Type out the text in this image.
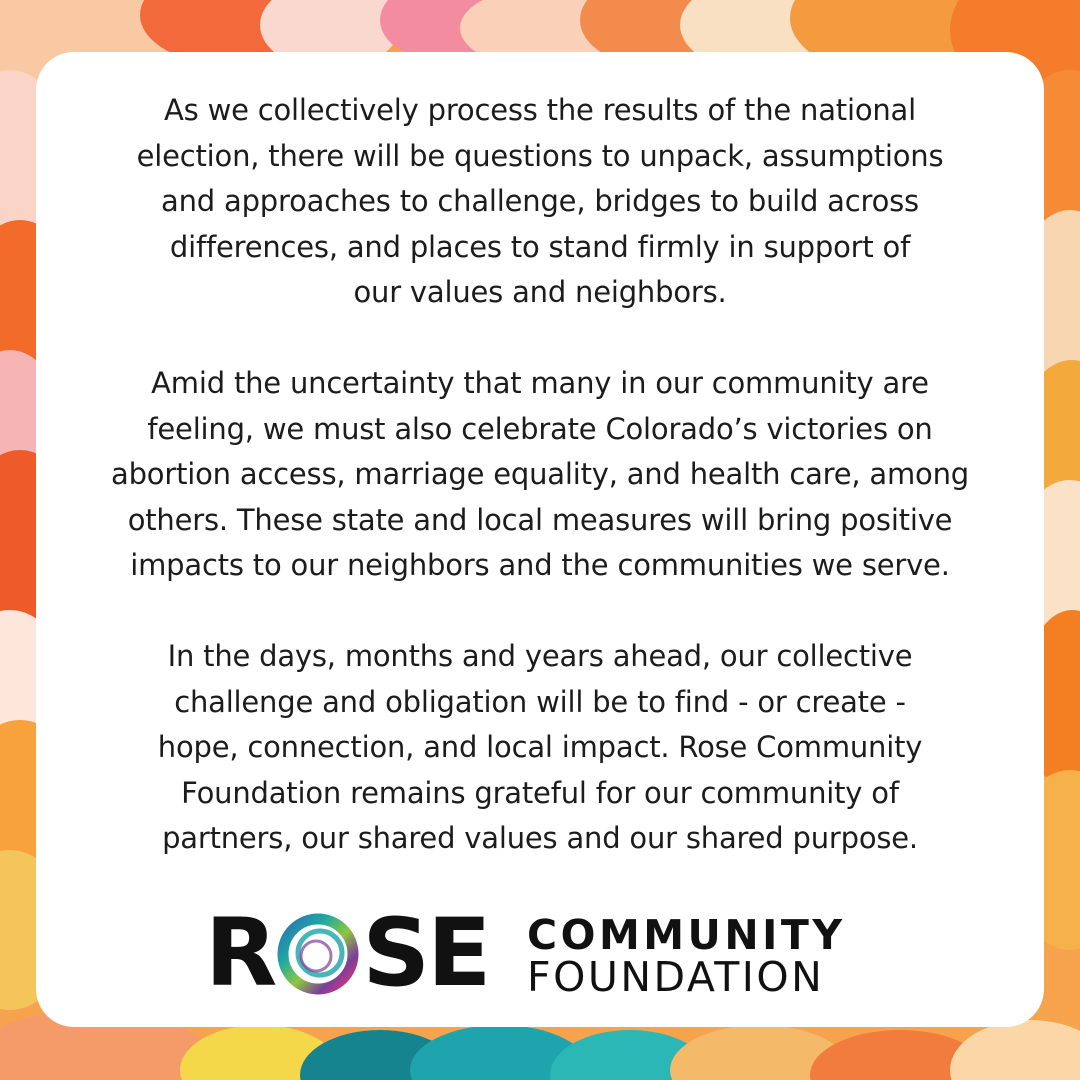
As we collectively process the results of the national
election, there will be questions to unpack, assumptions
and approaches to challenge, bridges to build across
differences, and places to stand firmly in support of
our values and neighbors.

Amid the uncertainty that many in our community are
feeling, we must also celebrate Colorado’s victories on
abortion access, marriage equality, and health care, among
others. These state and local measures will bring positive
impacts to our neighbors and the communities we serve.

In the days, months and years ahead, our collective
challenge and obligation will be to find - or create -
hope, connection, and local impact. Rose Community
Foundation remains grateful for our community of
partners, our shared values and our shared purpose.

R SE COMMUNITY
FOUNDATION
